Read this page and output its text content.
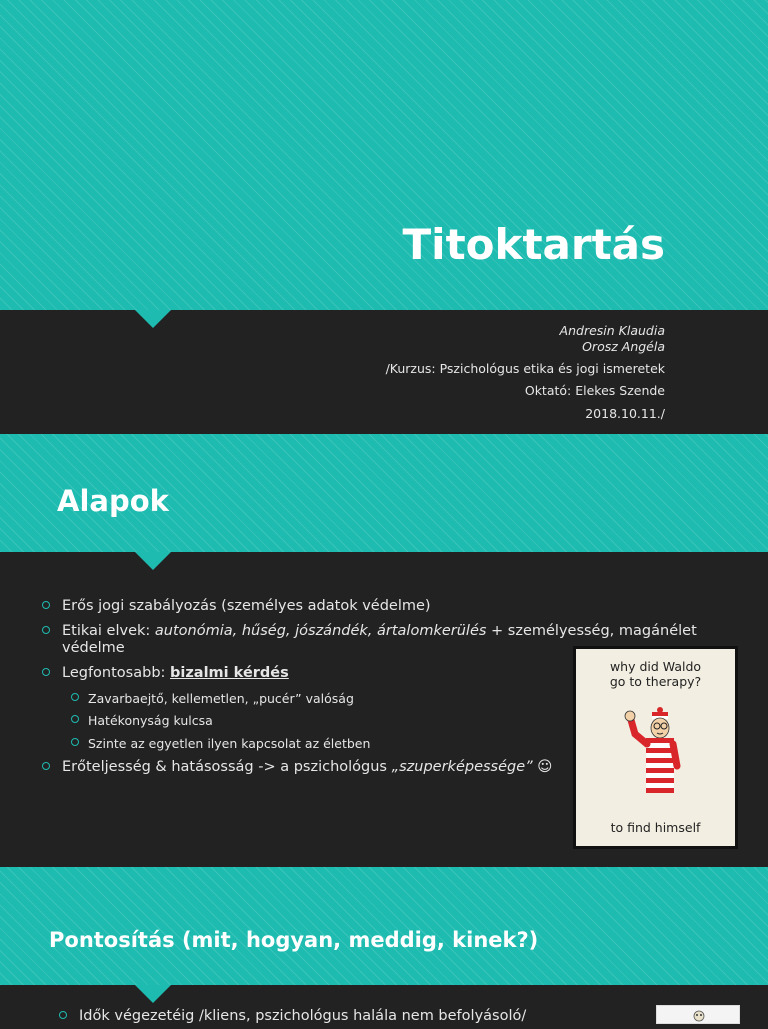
Titoktartás
Andresin Klaudia
Orosz Angéla
/Kurzus: Pszichológus etika és jogi ismeretek
Oktató: Elekes Szende
2018.10.11./
Alapok
Erős jogi szabályozás (személyes adatok védelme)
Etikai elvek: autonómia, hűség, jószándék, ártalomkerülés + személyesség, magánélet védelme
Legfontosabb: bizalmi kérdés
Zavarbaejtő, kellemetlen, „pucér” valóság
Hatékonyság kulcsa
Szinte az egyetlen ilyen kapcsolat az életben
Erőteljesség & hatásosság -> a pszichológus „szuperképessége” ☺
why did Waldo
go to therapy?
to find himself
Pontosítás (mit, hogyan, meddig, kinek?)
Idők végezetéig /kliens, pszichológus halála nem befolyásoló/
